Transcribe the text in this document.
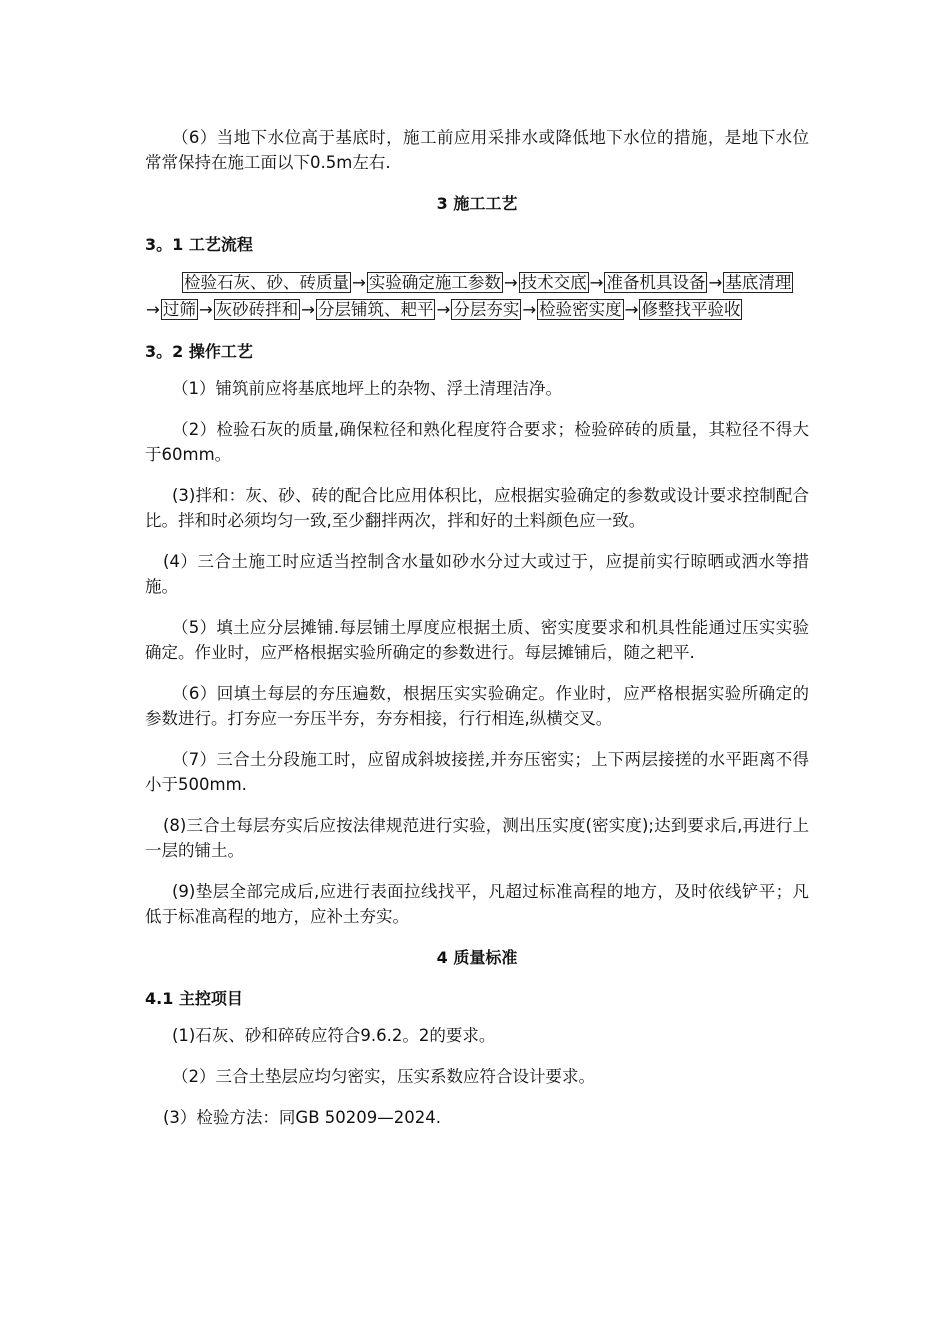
（6）当地下水位高于基底时，施工前应用采排水或降低地下水位的措施，是地下水位常常保持在施工面以下0.5m左右.

3 施工工艺

3。1 工艺流程

检验石灰、砂、砖质量 → 实验确定施工参数 → 技术交底 → 准备机具设备 → 基底清理→ 过筛 → 灰砂砖拌和 → 分层铺筑、耙平 → 分层夯实 → 检验密实度 → 修整找平验收

3。2 操作工艺

（1）铺筑前应将基底地坪上的杂物、浮土清理洁净。

（2）检验石灰的质量,确保粒径和熟化程度符合要求；检验碎砖的质量，其粒径不得大于60mm。

(3)拌和：灰、砂、砖的配合比应用体积比，应根据实验确定的参数或设计要求控制配合比。拌和时必须均匀一致,至少翻拌两次，拌和好的土料颜色应一致。

(4）三合土施工时应适当控制含水量如砂水分过大或过于，应提前实行晾晒或洒水等措施。

（5）填土应分层摊铺.每层铺土厚度应根据土质、密实度要求和机具性能通过压实实验确定。作业时，应严格根据实验所确定的参数进行。每层摊铺后，随之耙平.

（6）回填土每层的夯压遍数，根据压实实验确定。作业时，应严格根据实验所确定的参数进行。打夯应一夯压半夯，夯夯相接，行行相连,纵横交叉。

（7）三合土分段施工时，应留成斜坡接搓,并夯压密实；上下两层接搓的水平距离不得小于500mm.

(8)三合土每层夯实后应按法律规范进行实验，测出压实度(密实度);达到要求后,再进行上一层的铺土。

(9)垫层全部完成后,应进行表面拉线找平，凡超过标准高程的地方，及时依线铲平；凡低于标准高程的地方，应补土夯实。

4 质量标准

4.1 主控项目

(1)石灰、砂和碎砖应符合9.6.2。2的要求。

（2）三合土垫层应均匀密实，压实系数应符合设计要求。

(3）检验方法：同GB 50209—2024.
